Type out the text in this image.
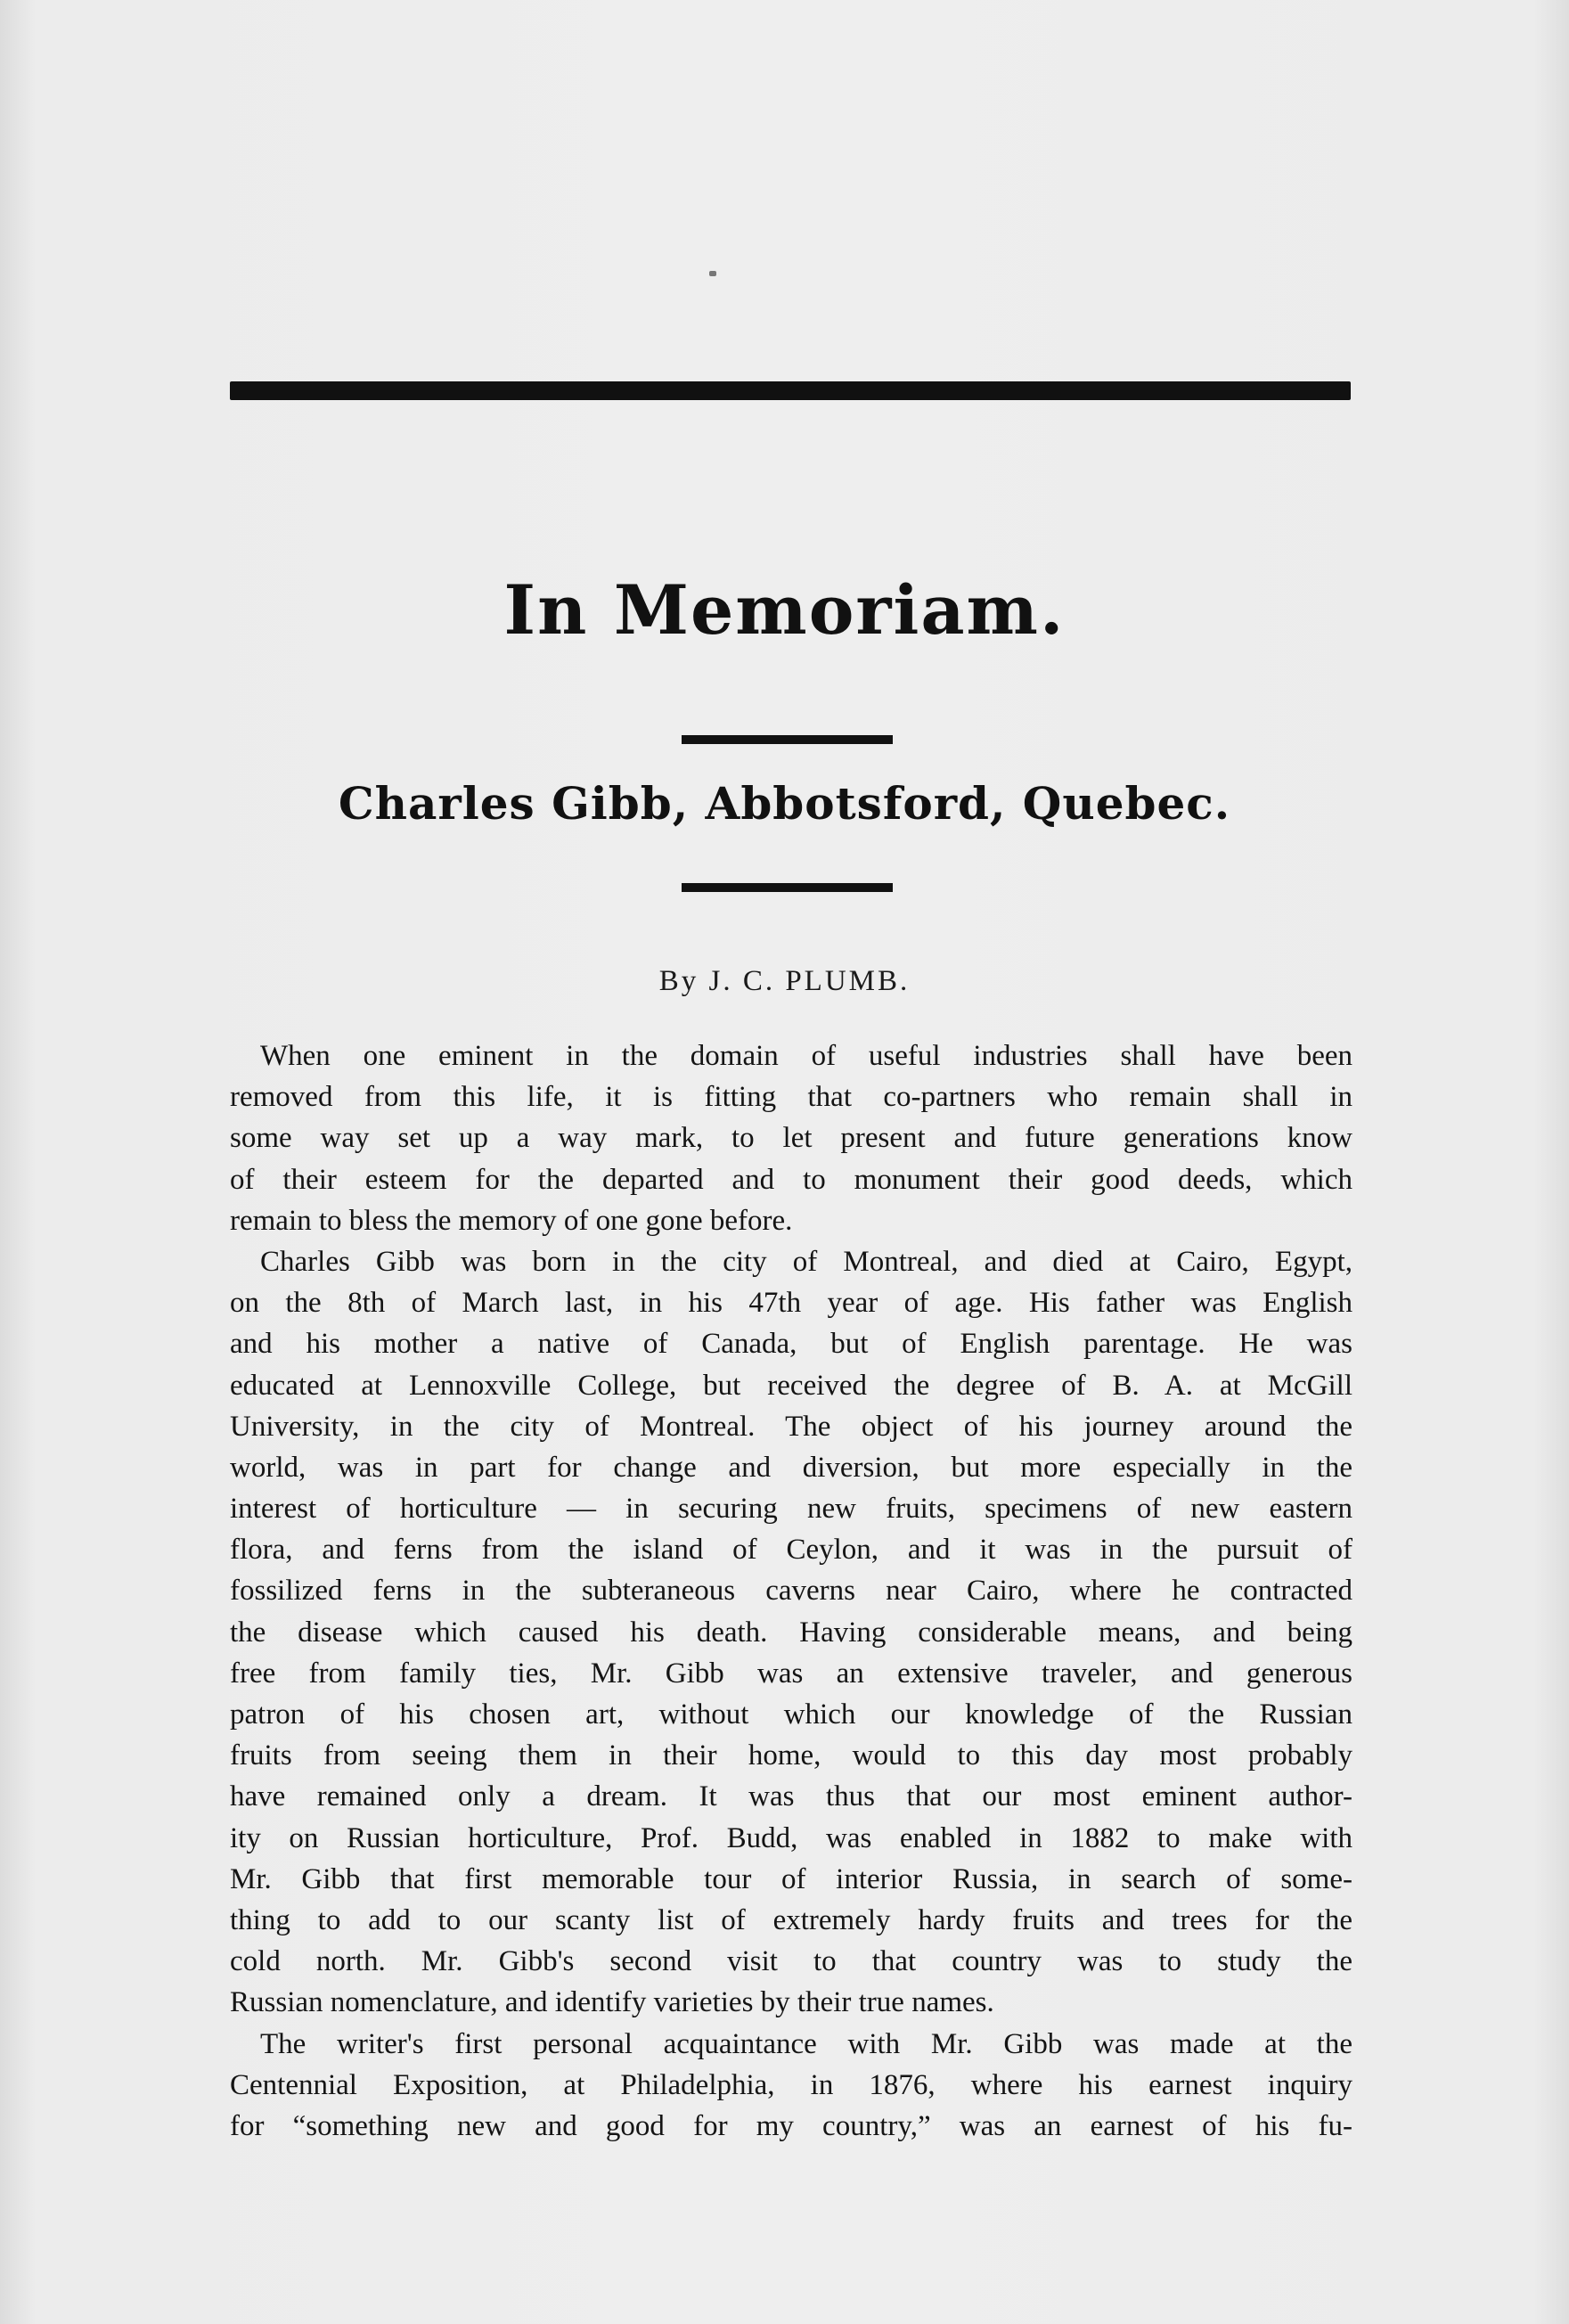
In Memoriam.
Charles Gibb, Abbotsford, Quebec.
By J. C. PLUMB.
When one eminent in the domain of useful industries shall have been
removed from this life, it is fitting that co-partners who remain shall in
some way set up a way mark, to let present and future generations know
of their esteem for the departed and to monument their good deeds, which
remain to bless the memory of one gone before.
Charles Gibb was born in the city of Montreal, and died at Cairo, Egypt,
on the 8th of March last, in his 47th year of age. His father was English
and his mother a native of Canada, but of English parentage. He was
educated at Lennoxville College, but received the degree of B. A. at McGill
University, in the city of Montreal. The object of his journey around the
world, was in part for change and diversion, but more especially in the
interest of horticulture — in securing new fruits, specimens of new eastern
flora, and ferns from the island of Ceylon, and it was in the pursuit of
fossilized ferns in the subteraneous caverns near Cairo, where he contracted
the disease which caused his death. Having considerable means, and being
free from family ties, Mr. Gibb was an extensive traveler, and generous
patron of his chosen art, without which our knowledge of the Russian
fruits from seeing them in their home, would to this day most probably
have remained only a dream. It was thus that our most eminent author-
ity on Russian horticulture, Prof. Budd, was enabled in 1882 to make with
Mr. Gibb that first memorable tour of interior Russia, in search of some-
thing to add to our scanty list of extremely hardy fruits and trees for the
cold north. Mr. Gibb's second visit to that country was to study the
Russian nomenclature, and identify varieties by their true names.
The writer's first personal acquaintance with Mr. Gibb was made at the
Centennial Exposition, at Philadelphia, in 1876, where his earnest inquiry
for “something new and good for my country,” was an earnest of his fu-
